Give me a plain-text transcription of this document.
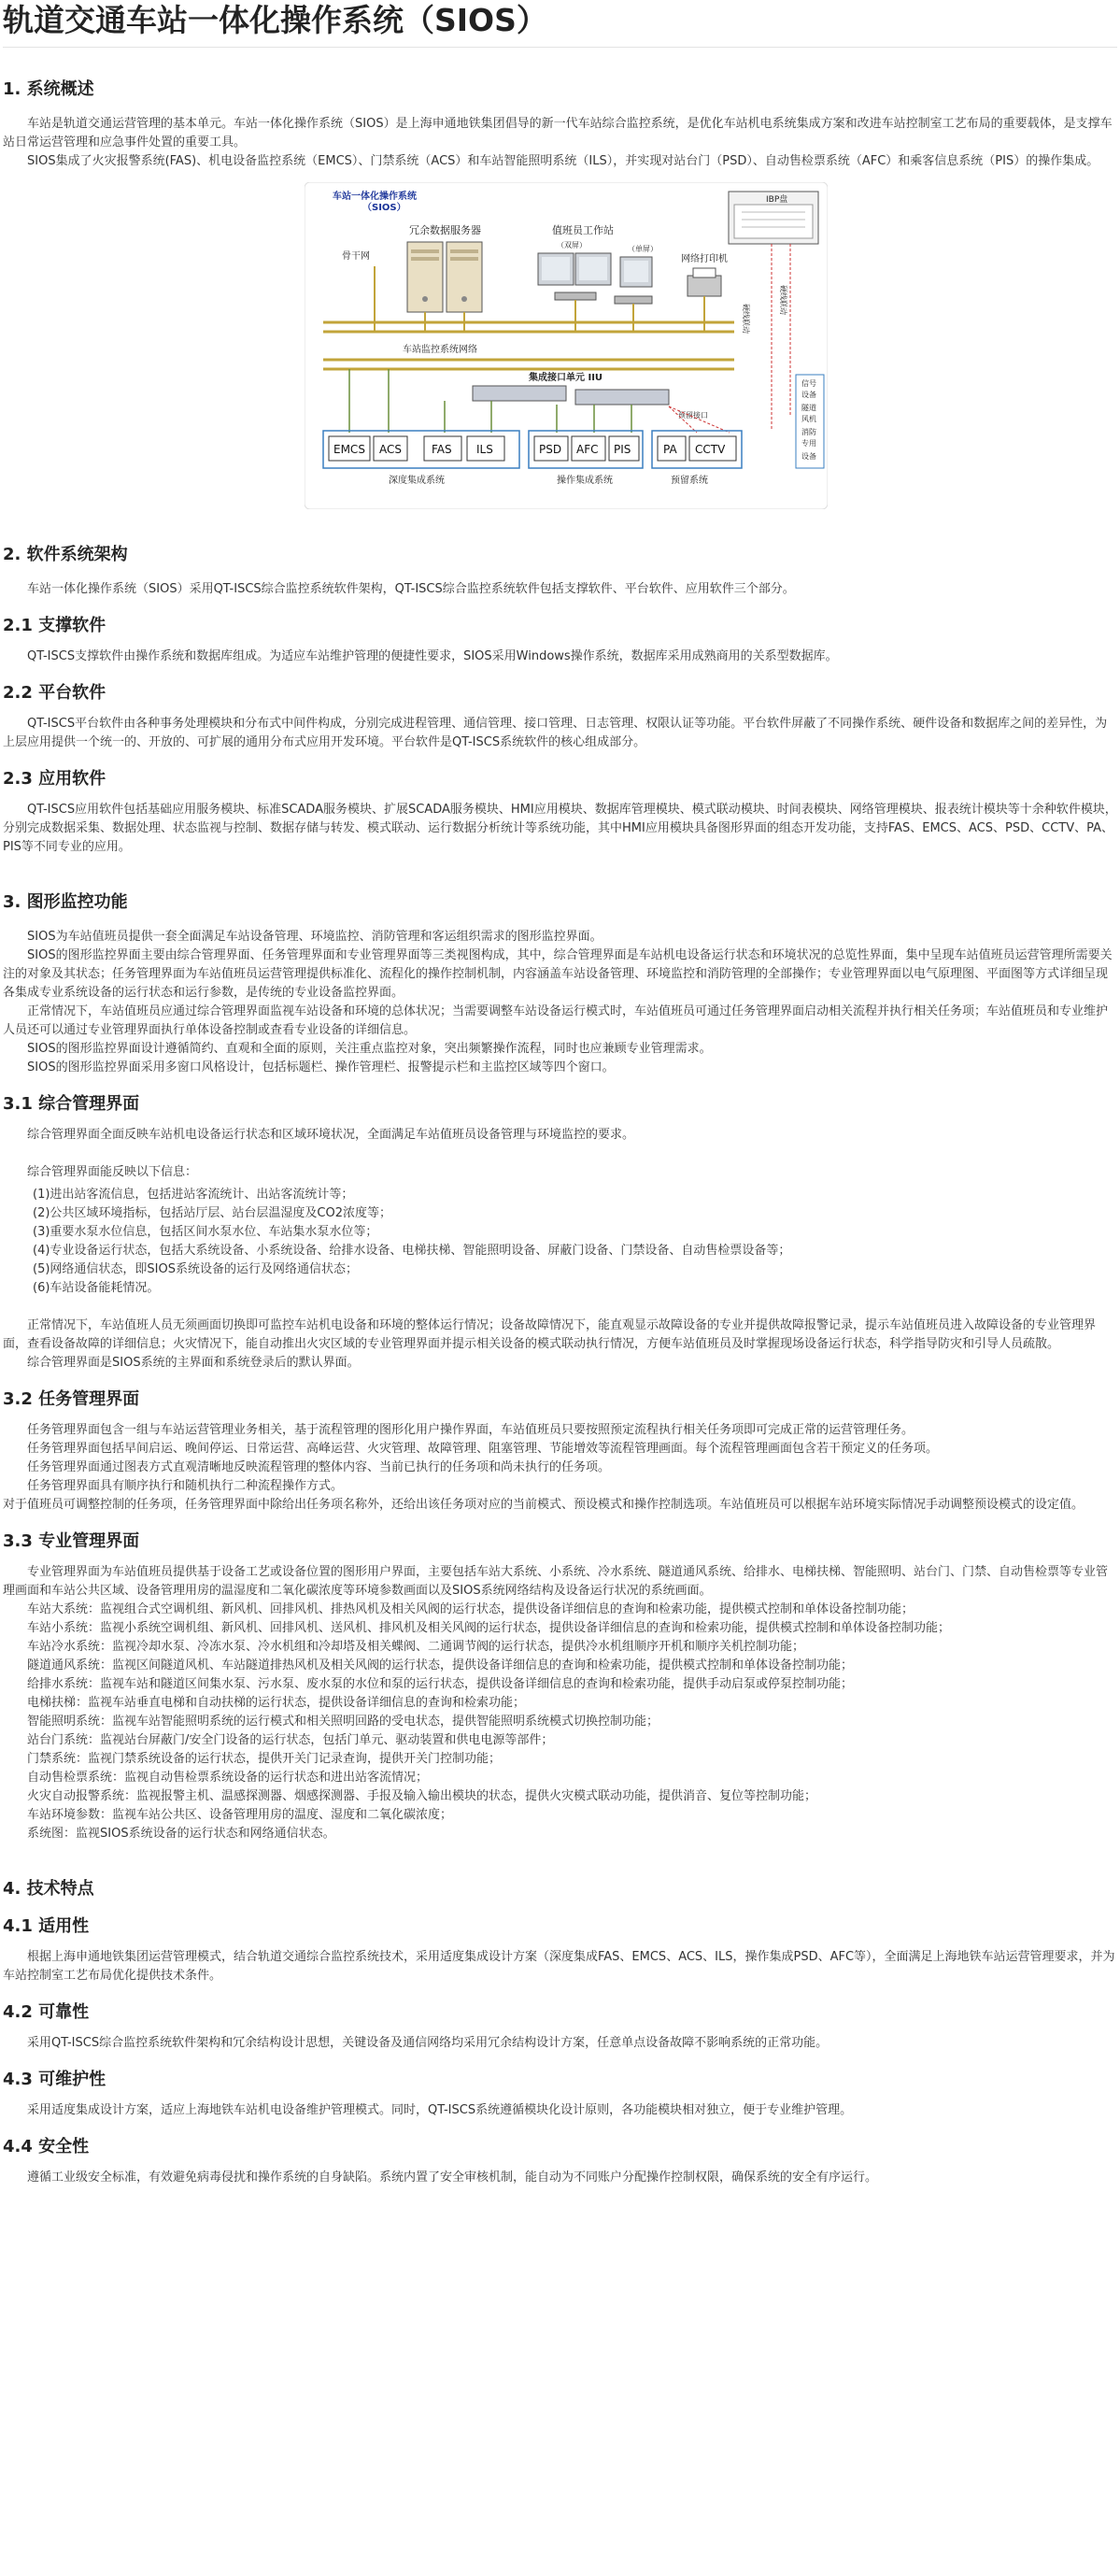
轨道交通车站一体化操作系统（SIOS）
1. 系统概述

车站是轨道交通运营管理的基本单元。车站一体化操作系统（SIOS）是上海申通地铁集团倡导的新一代车站综合监控系统，是优化车站机电系统集成方案和改进车站控制室工艺布局的重要载体，是支撑车站日常运营管理和应急事件处置的重要工具。

SIOS集成了火灾报警系统(FAS)、机电设备监控系统（EMCS）、门禁系统（ACS）和车站智能照明系统（ILS），并实现对站台门（PSD）、自动售检票系统（AFC）和乘客信息系统（PIS）的操作集成。

车站一体化操作系统
（SIOS）
骨干网
冗余数据服务器	值班员工作站
（双屏）	（单屏）
网络打印机
IBP盘
车站监控系统网络
硬线联动
硬线联动
集成接口单元 IIU
预留接口
EMCS ACS	FAS ILS	PSD AFC PIS	PA CCTV
深度集成系统	操作集成系统	预留系统
信号
设备
隧道
风机
消防
专用
设备
2. 软件系统架构

车站一体化操作系统（SIOS）采用QT-ISCS综合监控系统软件架构，QT-ISCS综合监控系统软件包括支撑软件、平台软件、应用软件三个部分。

2.1 支撑软件

QT-ISCS支撑软件由操作系统和数据库组成。为适应车站维护管理的便捷性要求，SIOS采用Windows操作系统，数据库采用成熟商用的关系型数据库。

2.2 平台软件

QT-ISCS平台软件由各种事务处理模块和分布式中间件构成，分别完成进程管理、通信管理、接口管理、日志管理、权限认证等功能。平台软件屏蔽了不同操作系统、硬件设备和数据库之间的差异性，为上层应用提供一个统一的、开放的、可扩展的通用分布式应用开发环境。平台软件是QT-ISCS系统软件的核心组成部分。

2.3 应用软件

QT-ISCS应用软件包括基础应用服务模块、标准SCADA服务模块、扩展SCADA服务模块、HMI应用模块、数据库管理模块、模式联动模块、时间表模块、网络管理模块、报表统计模块等十余种软件模块，分别完成数据采集、数据处理、状态监视与控制、数据存储与转发、模式联动、运行数据分析统计等系统功能，其中HMI应用模块具备图形界面的组态开发功能，支持FAS、EMCS、ACS、PSD、CCTV、PA、PIS等不同专业的应用。

3. 图形监控功能

SIOS为车站值班员提供一套全面满足车站设备管理、环境监控、消防管理和客运组织需求的图形监控界面。

SIOS的图形监控界面主要由综合管理界面、任务管理界面和专业管理界面等三类视图构成，其中，综合管理界面是车站机电设备运行状态和环境状况的总览性界面，集中呈现车站值班员运营管理所需要关注的对象及其状态；任务管理界面为车站值班员运营管理提供标准化、流程化的操作控制机制，内容涵盖车站设备管理、环境监控和消防管理的全部操作；专业管理界面以电气原理图、平面图等方式详细呈现各集成专业系统设备的运行状态和运行参数，是传统的专业设备监控界面。

正常情况下，车站值班员应通过综合管理界面监视车站设备和环境的总体状况；当需要调整车站设备运行模式时，车站值班员可通过任务管理界面启动相关流程并执行相关任务项；车站值班员和专业维护人员还可以通过专业管理界面执行单体设备控制或查看专业设备的详细信息。

SIOS的图形监控界面设计遵循简约、直观和全面的原则，关注重点监控对象，突出频繁操作流程，同时也应兼顾专业管理需求。

SIOS的图形监控界面采用多窗口风格设计，包括标题栏、操作管理栏、报警提示栏和主监控区域等四个窗口。

3.1 综合管理界面

综合管理界面全面反映车站机电设备运行状态和区域环境状况，全面满足车站值班员设备管理与环境监控的要求。

综合管理界面能反映以下信息：

(1)进出站客流信息，包括进站客流统计、出站客流统计等；
(2)公共区域环境指标，包括站厅层、站台层温湿度及CO2浓度等；
(3)重要水泵水位信息，包括区间水泵水位、车站集水泵水位等；
(4)专业设备运行状态，包括大系统设备、小系统设备、给排水设备、电梯扶梯、智能照明设备、屏蔽门设备、门禁设备、自动售检票设备等；
(5)网络通信状态，即SIOS系统设备的运行及网络通信状态；
(6)车站设备能耗情况。

正常情况下，车站值班人员无须画面切换即可监控车站机电设备和环境的整体运行情况；设备故障情况下，能直观显示故障设备的专业并提供故障报警记录，提示车站值班员进入故障设备的专业管理界面，查看设备故障的详细信息；火灾情况下，能自动推出火灾区域的专业管理界面并提示相关设备的模式联动执行情况，方便车站值班员及时掌握现场设备运行状态，科学指导防灾和引导人员疏散。

综合管理界面是SIOS系统的主界面和系统登录后的默认界面。

3.2 任务管理界面

任务管理界面包含一组与车站运营管理业务相关，基于流程管理的图形化用户操作界面，车站值班员只要按照预定流程执行相关任务项即可完成正常的运营管理任务。

任务管理界面包括早间启运、晚间停运、日常运营、高峰运营、火灾管理、故障管理、阻塞管理、节能增效等流程管理画面。每个流程管理画面包含若干预定义的任务项。

任务管理界面通过图表方式直观清晰地反映流程管理的整体内容、当前已执行的任务项和尚未执行的任务项。

任务管理界面具有顺序执行和随机执行二种流程操作方式。

对于值班员可调整控制的任务项，任务管理界面中除给出任务项名称外，还给出该任务项对应的当前模式、预设模式和操作控制选项。车站值班员可以根据车站环境实际情况手动调整预设模式的设定值。

3.3 专业管理界面

专业管理界面为车站值班员提供基于设备工艺或设备位置的图形用户界面，主要包括车站大系统、小系统、冷水系统、隧道通风系统、给排水、电梯扶梯、智能照明、站台门、门禁、自动售检票等专业管理画面和车站公共区域、设备管理用房的温湿度和二氧化碳浓度等环境参数画面以及SIOS系统网络结构及设备运行状况的系统画面。

车站大系统：监视组合式空调机组、新风机、回排风机、排热风机及相关风阀的运行状态，提供设备详细信息的查询和检索功能，提供模式控制和单体设备控制功能；

车站小系统：监视小系统空调机组、新风机、回排风机、送风机、排风机及相关风阀的运行状态，提供设备详细信息的查询和检索功能，提供模式控制和单体设备控制功能；

车站冷水系统：监视冷却水泵、冷冻水泵、冷水机组和冷却塔及相关蝶阀、二通调节阀的运行状态，提供冷水机组顺序开机和顺序关机控制功能；

隧道通风系统：监视区间隧道风机、车站隧道排热风机及相关风阀的运行状态，提供设备详细信息的查询和检索功能，提供模式控制和单体设备控制功能；

给排水系统：监视车站和隧道区间集水泵、污水泵、废水泵的水位和泵的运行状态，提供设备详细信息的查询和检索功能，提供手动启泵或停泵控制功能；

电梯扶梯：监视车站垂直电梯和自动扶梯的运行状态，提供设备详细信息的查询和检索功能；

智能照明系统：监视车站智能照明系统的运行模式和相关照明回路的受电状态，提供智能照明系统模式切换控制功能；

站台门系统：监视站台屏蔽门/安全门设备的运行状态，包括门单元、驱动装置和供电电源等部件；

门禁系统：监视门禁系统设备的运行状态，提供开关门记录查询，提供开关门控制功能；

自动售检票系统：监视自动售检票系统设备的运行状态和进出站客流情况；

火灾自动报警系统：监视报警主机、温感探测器、烟感探测器、手报及输入输出模块的状态，提供火灾模式联动功能，提供消音、复位等控制功能；

车站环境参数：监视车站公共区、设备管理用房的温度、湿度和二氧化碳浓度；

系统图：监视SIOS系统设备的运行状态和网络通信状态。

4. 技术特点
4.1 适用性

根据上海申通地铁集团运营管理模式，结合轨道交通综合监控系统技术，采用适度集成设计方案（深度集成FAS、EMCS、ACS、ILS，操作集成PSD、AFC等），全面满足上海地铁车站运营管理要求，并为车站控制室工艺布局优化提供技术条件。

4.2 可靠性

采用QT-ISCS综合监控系统软件架构和冗余结构设计思想，关键设备及通信网络均采用冗余结构设计方案，任意单点设备故障不影响系统的正常功能。

4.3 可维护性

采用适度集成设计方案，适应上海地铁车站机电设备维护管理模式。同时，QT-ISCS系统遵循模块化设计原则，各功能模块相对独立，便于专业维护管理。

4.4 安全性

遵循工业级安全标准，有效避免病毒侵扰和操作系统的自身缺陷。系统内置了安全审核机制，能自动为不同账户分配操作控制权限，确保系统的安全有序运行。
